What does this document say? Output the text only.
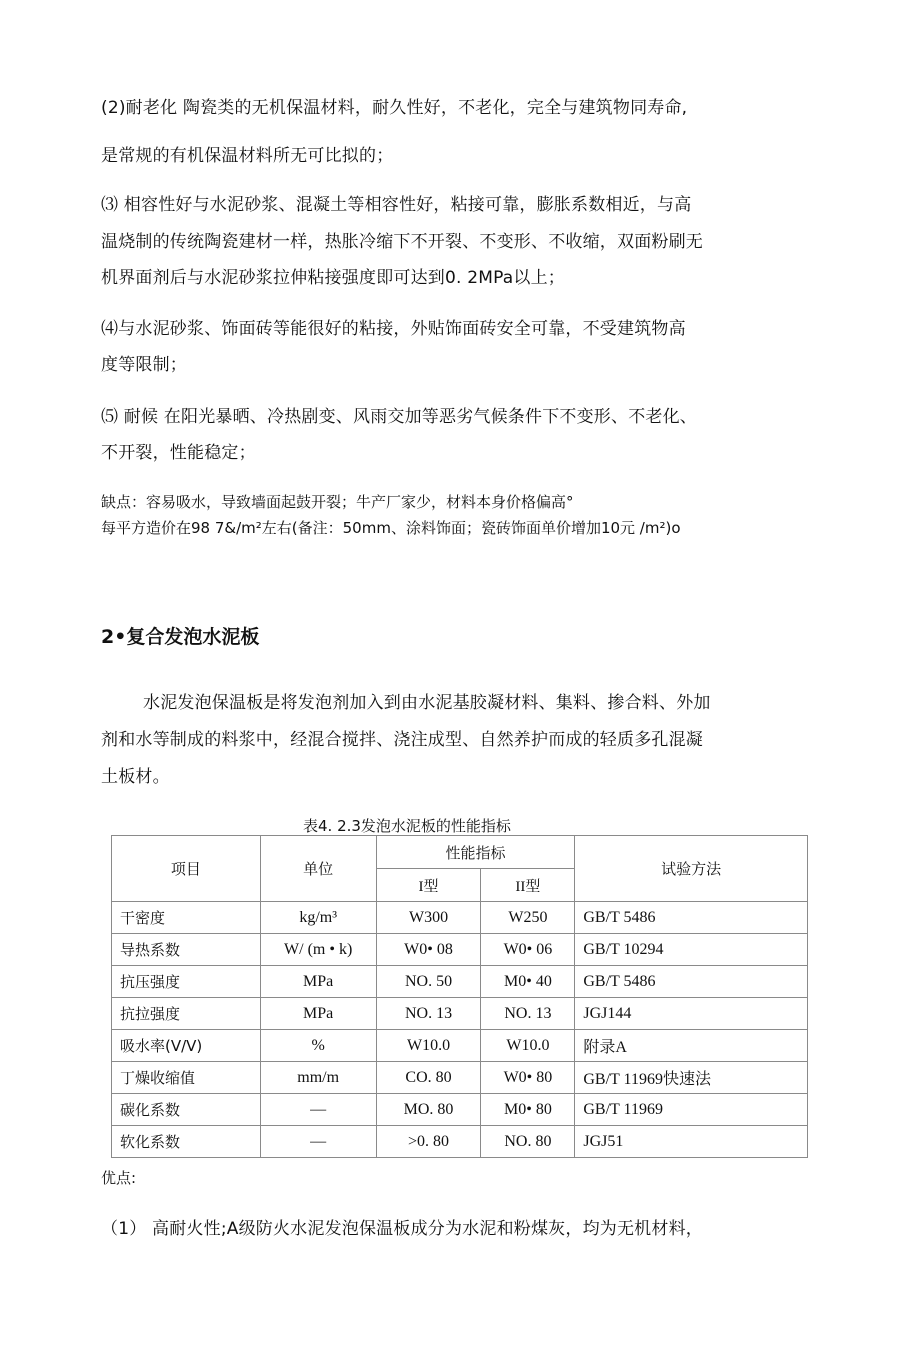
(2)耐老化 陶瓷类的无机保温材料，耐久性好，不老化，完全与建筑物同寿命,

是常规的有机保温材料所无可比拟的；

⑶ 相容性好与水泥砂浆、混凝土等相容性好，粘接可靠，膨胀系数相近，与高

温烧制的传统陶瓷建材一样，热胀冷缩下不开裂、不变形、不收缩，双面粉刷无

机界面剂后与水泥砂浆拉伸粘接强度即可达到0. 2MPa以上；

⑷与水泥砂浆、饰面砖等能很好的粘接，外贴饰面砖安全可靠，不受建筑物高

度等限制；

⑸ 耐候 在阳光暴晒、冷热剧变、风雨交加等恶劣气候条件下不变形、不老化、

不开裂，性能稳定；

缺点：容易吸水，导致墙面起鼓开裂；牛产厂家少，材料本身价格偏高°

每平方造价在98 7&/m²左右(备注：50mm、涂料饰面；瓷砖饰面单价增加10元 /m²)o

2•复合发泡水泥板

水泥发泡保温板是将发泡剂加入到由水泥基胶凝材料、集料、掺合料、外加

剂和水等制成的料浆中，经混合搅拌、浇注成型、自然养护而成的轻质多孔混凝

土板材。

表4. 2.3发泡水泥板的性能指标
项目	单位	性能指标		试验方法
		I型	II型	
干密度	kg/m³	W300	W250	GB/T 5486
导热系数	W/ (m • k)	W0• 08	W0• 06	GB/T 10294
抗压强度	MPa	NO. 50	M0• 40	GB/T 5486
抗拉强度	MPa	NO. 13	NO. 13	JGJ144
吸水率(V/V)	%	W10.0	W10.0	附录A
丁燥收缩值	mm/m	CO. 80	W0• 80	GB/T 11969快速法
碳化系数	—	MO. 80	M0• 80	GB/T 11969
软化系数	—	>0. 80	NO. 80	JGJ51

优点:

（1） 高耐火性;A级防火水泥发泡保温板成分为水泥和粉煤灰，均为无机材料，
